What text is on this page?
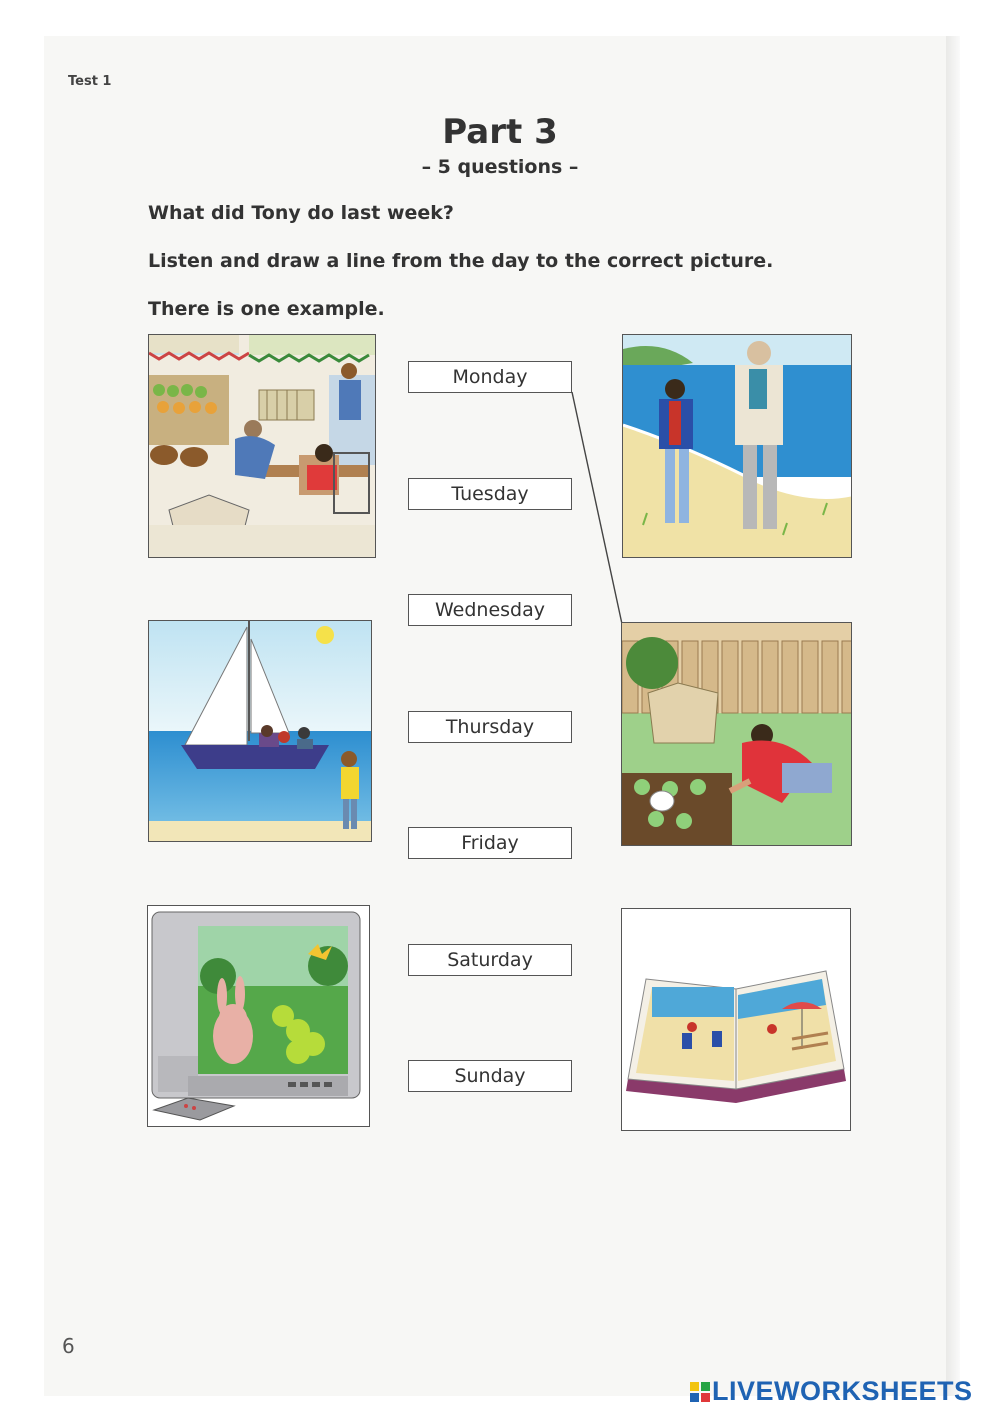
Test 1
Part 3
– 5 questions –
What did Tony do last week?
Listen and draw a line from the day to the correct picture.
There is one example.
Monday
Tuesday
Wednesday
Thursday
Friday
Saturday
Sunday
6
LIVEWORKSHEETS
